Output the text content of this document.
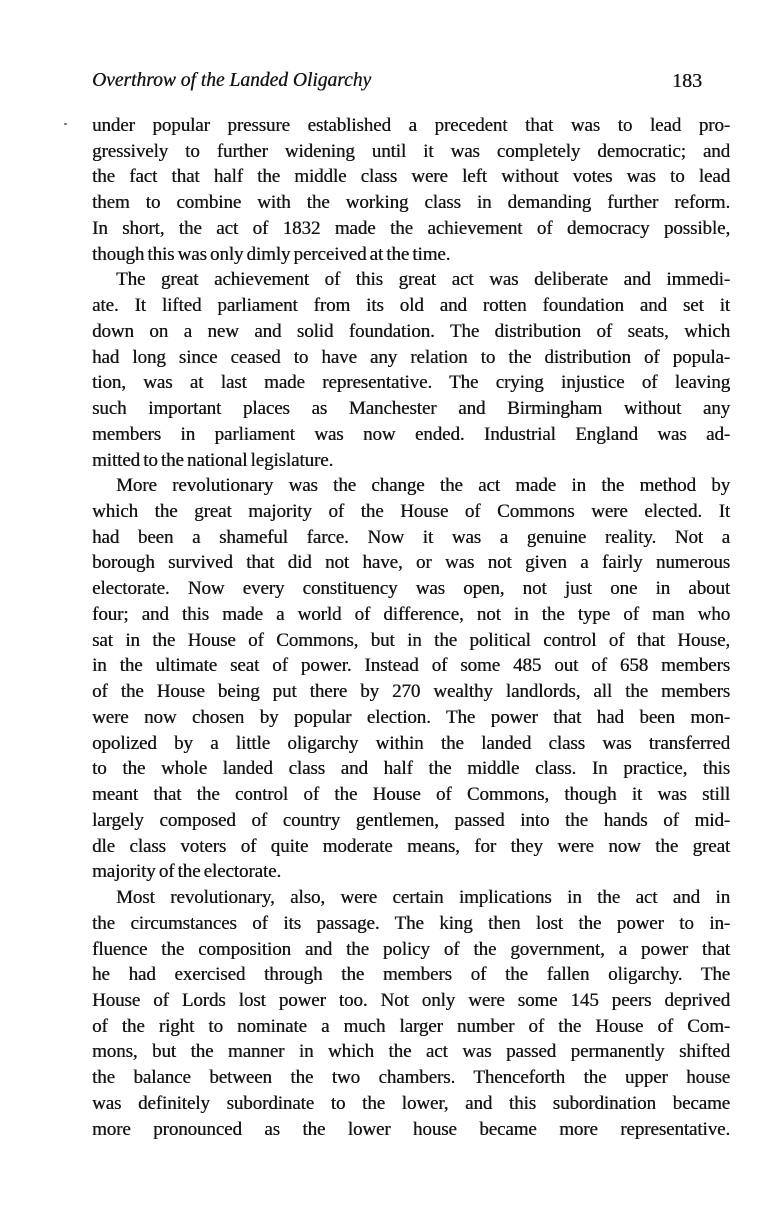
Overthrow of the Landed Oligarchy	183
under popular pressure established a precedent that was to lead pro-
gressively to further widening until it was completely democratic; and
the fact that half the middle class were left without votes was to lead
them to combine with the working class in demanding further reform.
In short, the act of 1832 made the achievement of democracy possible,
though this was only dimly perceived at the time.
The great achievement of this great act was deliberate and immedi-
ate. It lifted parliament from its old and rotten foundation and set it
down on a new and solid foundation. The distribution of seats, which
had long since ceased to have any relation to the distribution of popula-
tion, was at last made representative. The crying injustice of leaving
such important places as Manchester and Birmingham without any
members in parliament was now ended. Industrial England was ad-
mitted to the national legislature.
More revolutionary was the change the act made in the method by
which the great majority of the House of Commons were elected. It
had been a shameful farce. Now it was a genuine reality. Not a
borough survived that did not have, or was not given a fairly numerous
electorate. Now every constituency was open, not just one in about
four; and this made a world of difference, not in the type of man who
sat in the House of Commons, but in the political control of that House,
in the ultimate seat of power. Instead of some 485 out of 658 members
of the House being put there by 270 wealthy landlords, all the members
were now chosen by popular election. The power that had been mon-
opolized by a little oligarchy within the landed class was transferred
to the whole landed class and half the middle class. In practice, this
meant that the control of the House of Commons, though it was still
largely composed of country gentlemen, passed into the hands of mid-
dle class voters of quite moderate means, for they were now the great
majority of the electorate.
Most revolutionary, also, were certain implications in the act and in
the circumstances of its passage. The king then lost the power to in-
fluence the composition and the policy of the government, a power that
he had exercised through the members of the fallen oligarchy. The
House of Lords lost power too. Not only were some 145 peers deprived
of the right to nominate a much larger number of the House of Com-
mons, but the manner in which the act was passed permanently shifted
the balance between the two chambers. Thenceforth the upper house
was definitely subordinate to the lower, and this subordination became
more pronounced as the lower house became more representative.
